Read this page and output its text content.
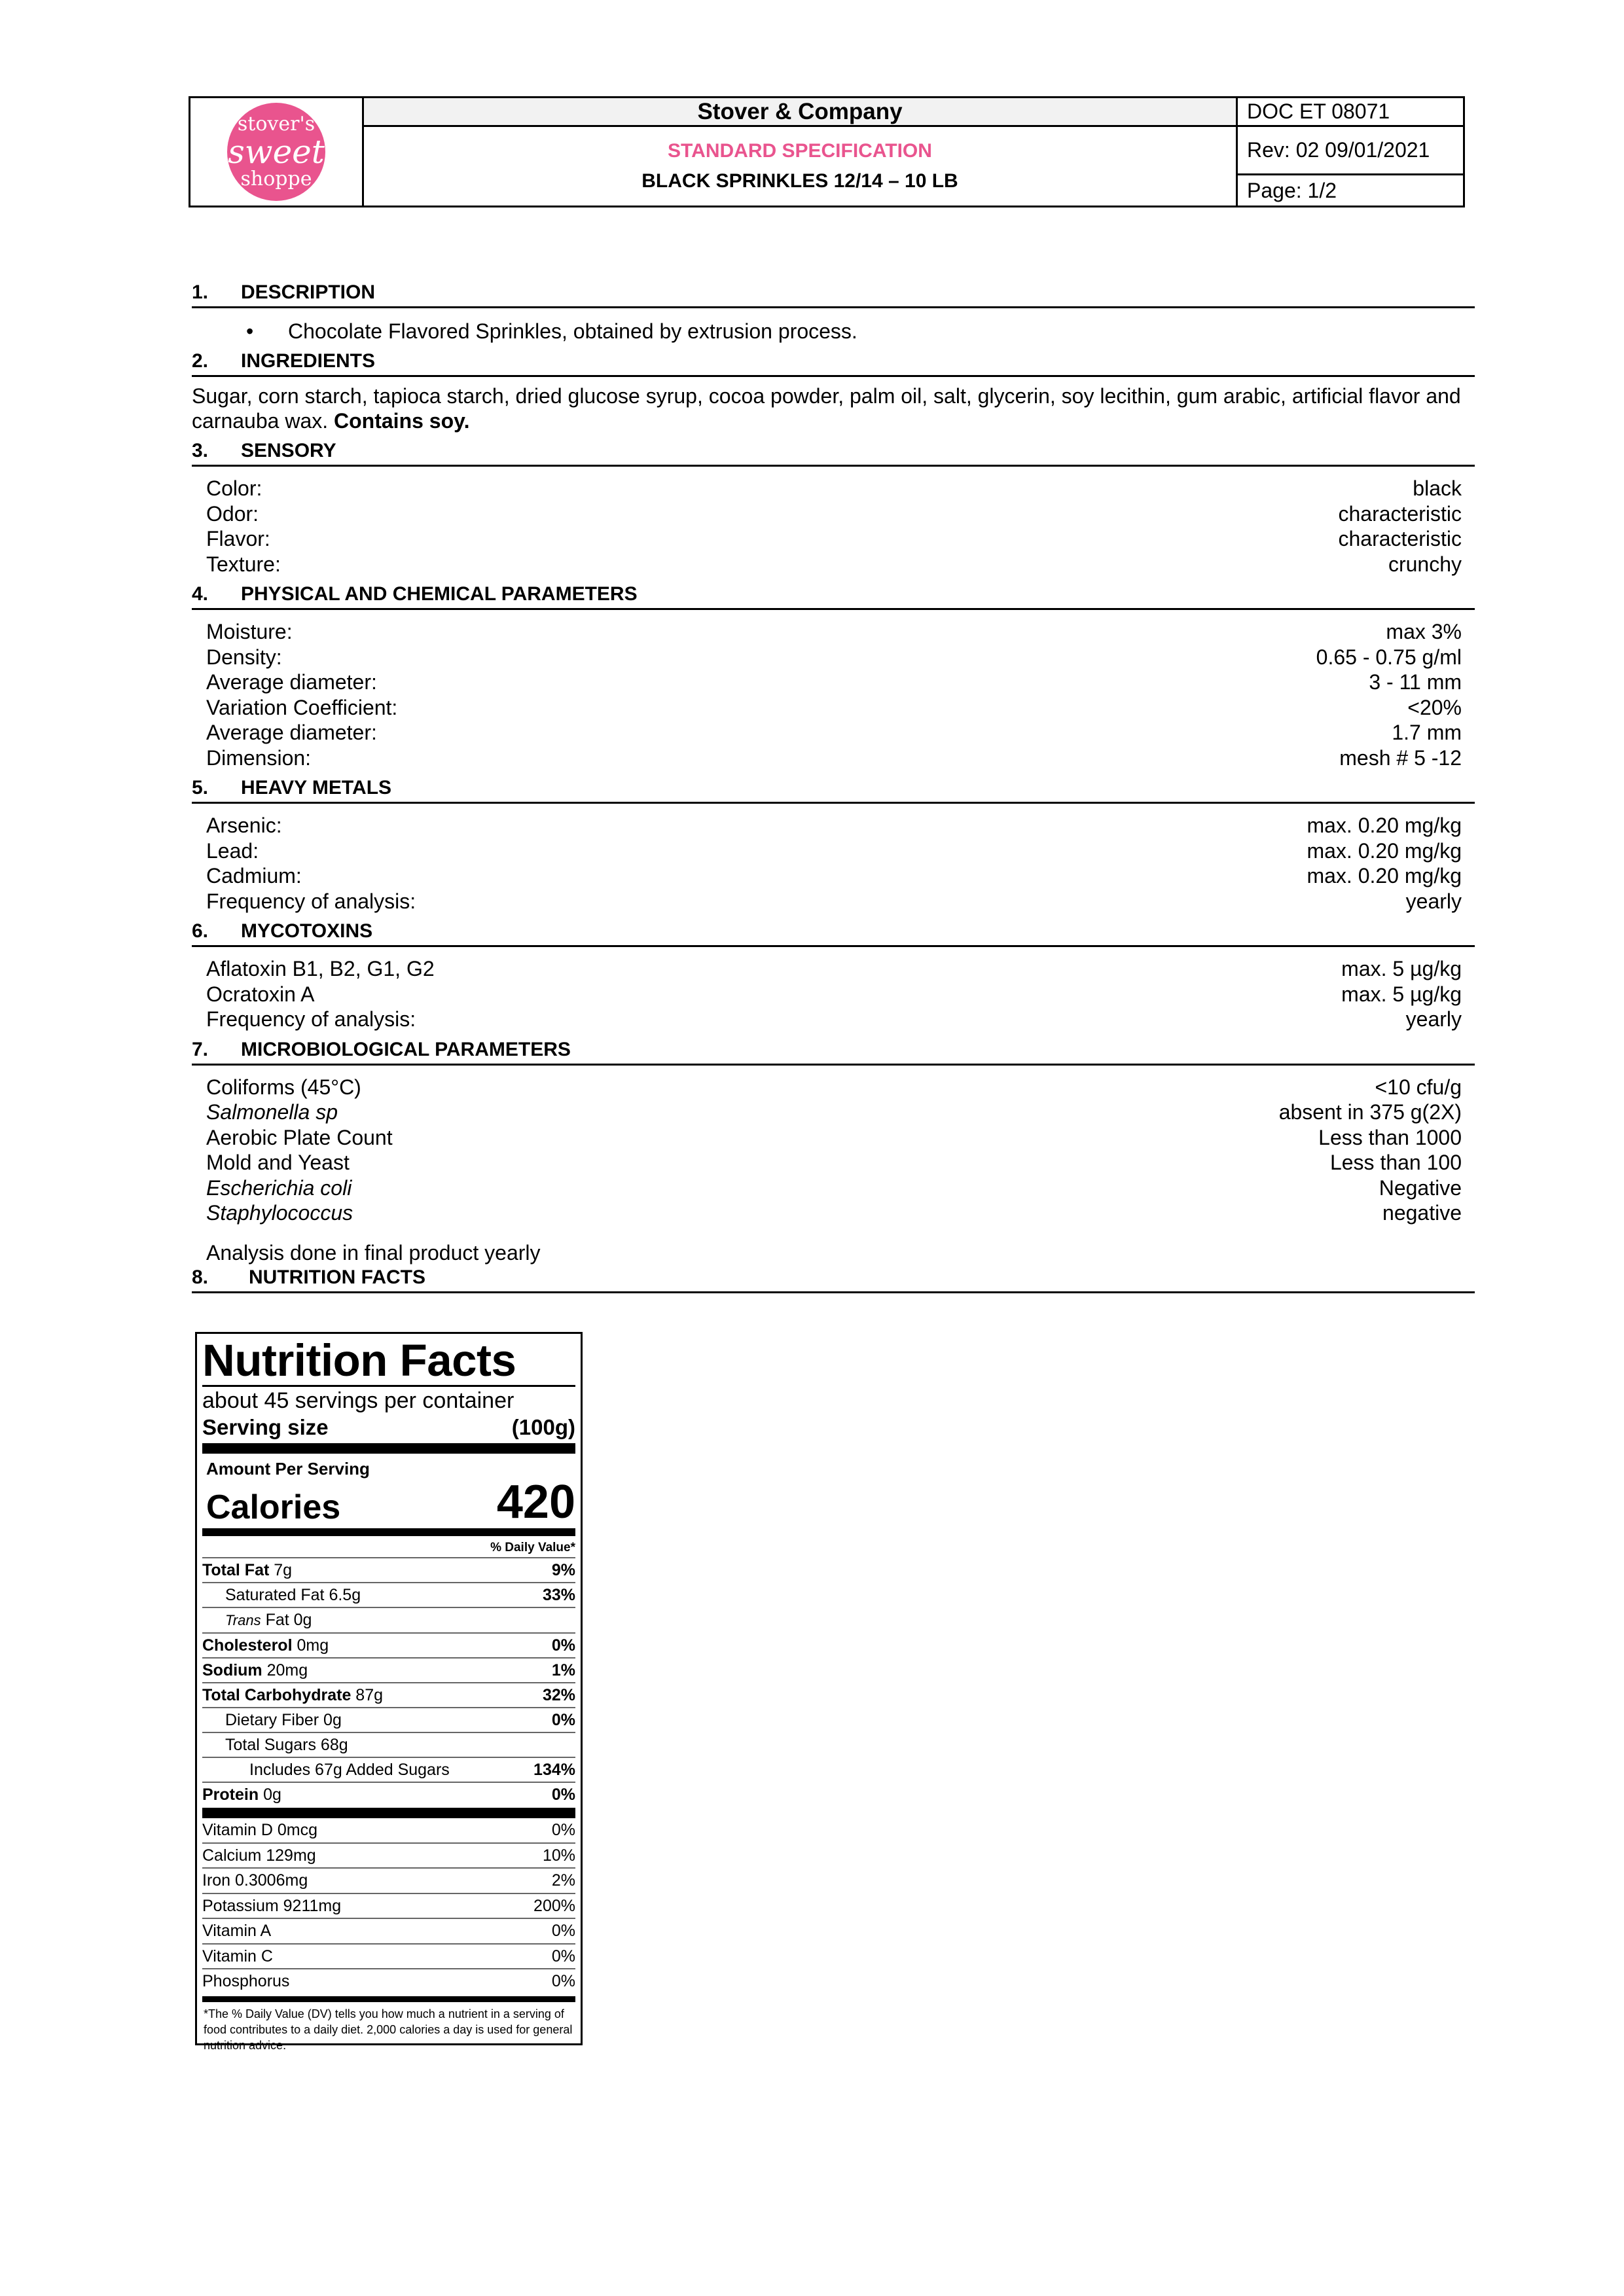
stover's
sweet
shoppe
Stover & Company
STANDARD SPECIFICATION
BLACK SPRINKLES 12/14 – 10 LB
DOC ET 08071
Rev: 02 09/01/2021
Page: 1/2
1.	DESCRIPTION
•	Chocolate Flavored Sprinkles, obtained by extrusion process.
2.	INGREDIENTS
Sugar, corn starch, tapioca starch, dried glucose syrup, cocoa powder, palm oil, salt, glycerin, soy lecithin, gum arabic, artificial flavor and carnauba wax. Contains soy.
3.	SENSORY
Color:	black
Odor:	characteristic
Flavor:	characteristic
Texture:	crunchy
4.	PHYSICAL AND CHEMICAL PARAMETERS
Moisture:	max 3%
Density:	0.65 - 0.75 g/ml
Average diameter:	3 - 11 mm
Variation Coefficient:	<20%
Average diameter:	1.7 mm
Dimension:	mesh # 5 -12
5.	HEAVY METALS
Arsenic:	max. 0.20 mg/kg
Lead:	max. 0.20 mg/kg
Cadmium:	max. 0.20 mg/kg
Frequency of analysis:	yearly
6.	MYCOTOXINS
Aflatoxin B1, B2, G1, G2	max. 5 µg/kg
Ocratoxin A	max. 5 µg/kg
Frequency of analysis:	yearly
7.	MICROBIOLOGICAL PARAMETERS
Coliforms (45°C)	<10 cfu/g
Salmonella sp	absent in 375 g(2X)
Aerobic Plate Count	Less than 1000
Mold and Yeast	Less than 100
Escherichia coli	Negative
Staphylococcus	negative
Analysis done in final product yearly
8.	NUTRITION FACTS
Nutrition Facts
about 45 servings per container
Serving size	(100g)
Amount Per Serving
Calories	420
% Daily Value*
Total Fat 7g	9%
Saturated Fat 6.5g	33%
Trans Fat 0g
Cholesterol 0mg	0%
Sodium 20mg	1%
Total Carbohydrate 87g	32%
Dietary Fiber 0g	0%
Total Sugars 68g
Includes 67g Added Sugars	134%
Protein 0g	0%
Vitamin D 0mcg	0%
Calcium 129mg	10%
Iron 0.3006mg	2%
Potassium 9211mg	200%
Vitamin A	0%
Vitamin C	0%
Phosphorus	0%
*The % Daily Value (DV) tells you how much a nutrient in a serving of food contributes to a daily diet. 2,000 calories a day is used for general nutrition advice.
